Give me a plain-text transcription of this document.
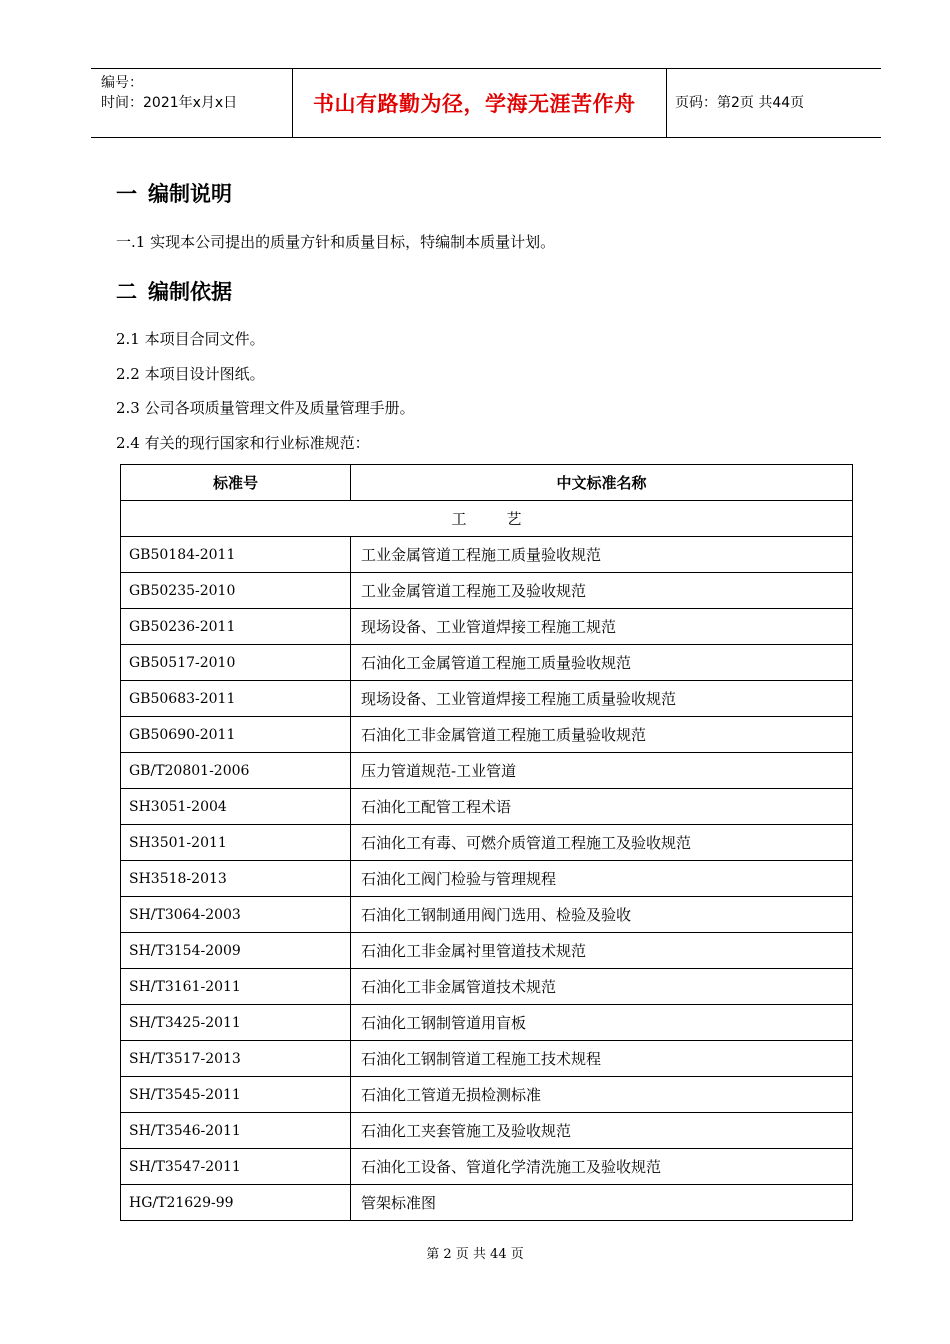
编号：
时间：2021年x月x日	书山有路勤为径，学海无涯苦作舟	页码：第2页 共44页
一 编制说明
一.1 实现本公司提出的质量方针和质量目标，特编制本质量计划。
二 编制依据
2.1 本项目合同文件。
2.2 本项目设计图纸。
2.3 公司各项质量管理文件及质量管理手册。
2.4 有关的现行国家和行业标准规范：
标准号	中文标准名称
工艺	
GB50184-2011	工业金属管道工程施工质量验收规范
GB50235-2010	工业金属管道工程施工及验收规范
GB50236-2011	现场设备、工业管道焊接工程施工规范
GB50517-2010	石油化工金属管道工程施工质量验收规范
GB50683-2011	现场设备、工业管道焊接工程施工质量验收规范
GB50690-2011	石油化工非金属管道工程施工质量验收规范
GB/T20801-2006	压力管道规范-工业管道
SH3051-2004	石油化工配管工程术语
SH3501-2011	石油化工有毒、可燃介质管道工程施工及验收规范
SH3518-2013	石油化工阀门检验与管理规程
SH/T3064-2003	石油化工钢制通用阀门选用、检验及验收
SH/T3154-2009	石油化工非金属衬里管道技术规范
SH/T3161-2011	石油化工非金属管道技术规范
SH/T3425-2011	石油化工钢制管道用盲板
SH/T3517-2013	石油化工钢制管道工程施工技术规程
SH/T3545-2011	石油化工管道无损检测标准
SH/T3546-2011	石油化工夹套管施工及验收规范
SH/T3547-2011	石油化工设备、管道化学清洗施工及验收规范
HG/T21629-99	管架标准图
第 2 页 共 44 页
